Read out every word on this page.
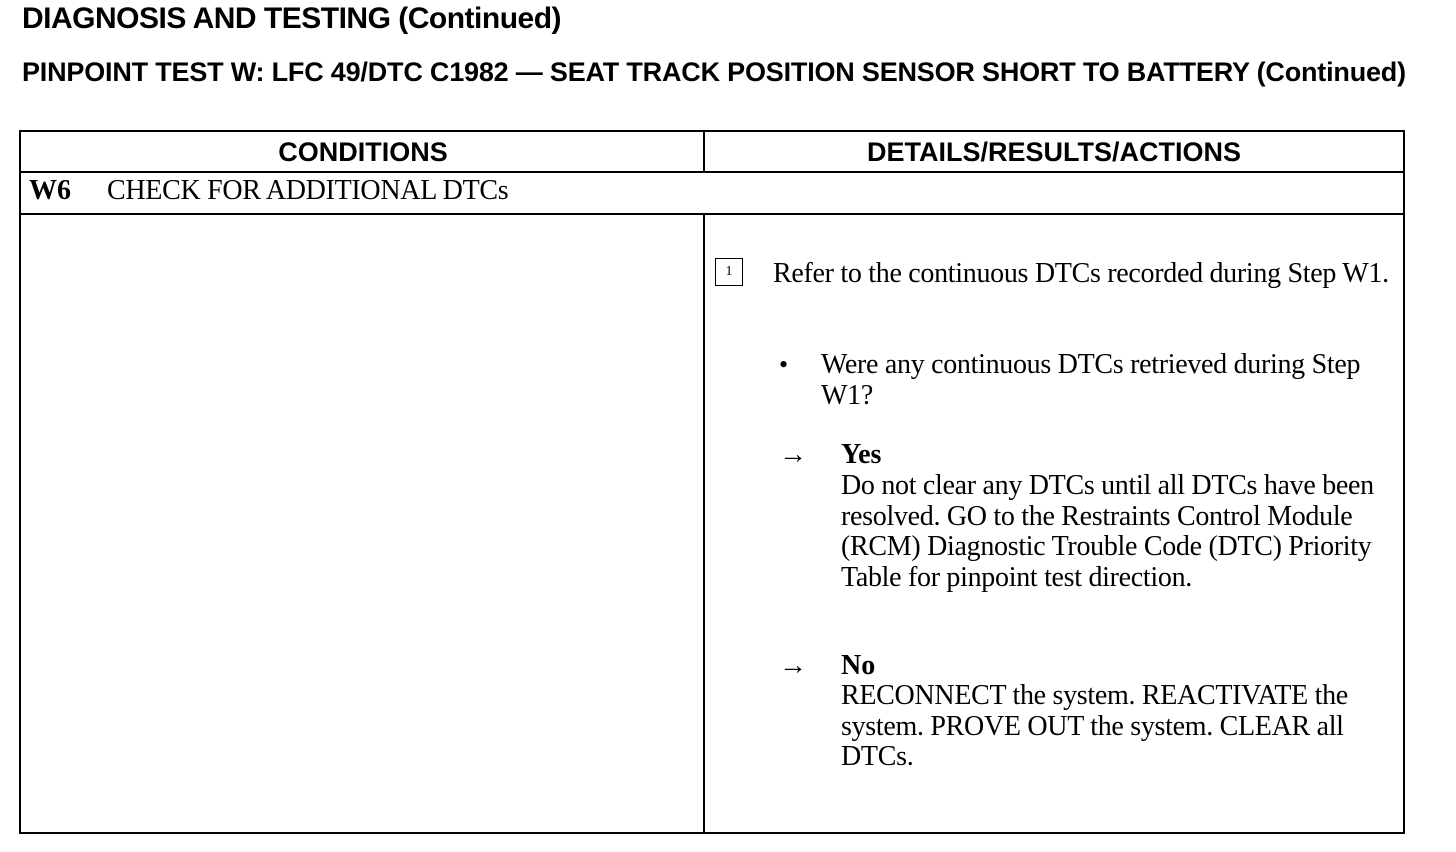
DIAGNOSIS AND TESTING (Continued)
PINPOINT TEST W: LFC 49/DTC C1982 — SEAT TRACK POSITION SENSOR SHORT TO BATTERY (Continued)
CONDITIONS	DETAILS/RESULTS/ACTIONS
W6 CHECK FOR ADDITIONAL DTCs
1	Refer to the continuous DTCs recorded during Step W1.
• Were any continuous DTCs retrieved during Step W1?
→ Yes
Do not clear any DTCs until all DTCs have been resolved. GO to the Restraints Control Module (RCM) Diagnostic Trouble Code (DTC) Priority Table for pinpoint test direction.
→ No
RECONNECT the system. REACTIVATE the system. PROVE OUT the system. CLEAR all DTCs.
